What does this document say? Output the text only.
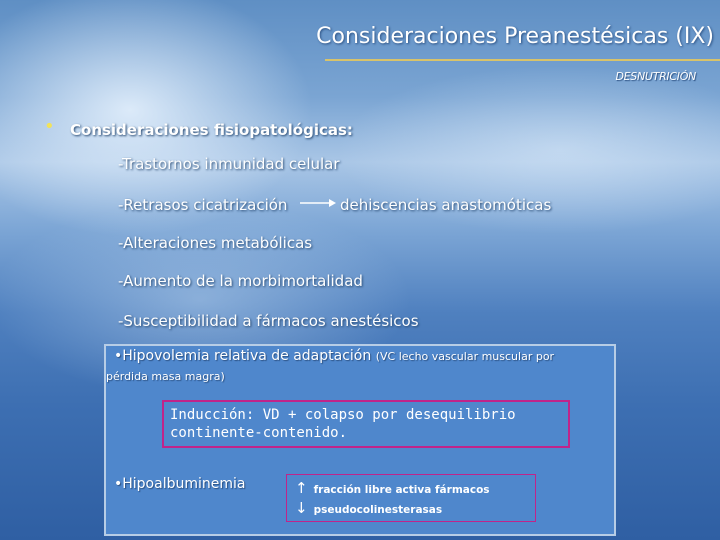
Consideraciones Preanestésicas (IX)
DESNUTRICIÓN
• Consideraciones fisiopatológicas:
-Trastornos inmunidad celular
-Retrasos cicatrización	dehiscencias anastomóticas
-Alteraciones metabólicas
-Aumento de la morbimortalidad
-Susceptibilidad a fármacos anestésicos
•Hipovolemia relativa de adaptación (VC lecho vascular muscular por
pérdida masa magra)
Inducción: VD + colapso por desequilibrio
continente-contenido.
•Hipoalbuminemia	↑ fracción libre activa fármacos
↓ pseudocolinesterasas
